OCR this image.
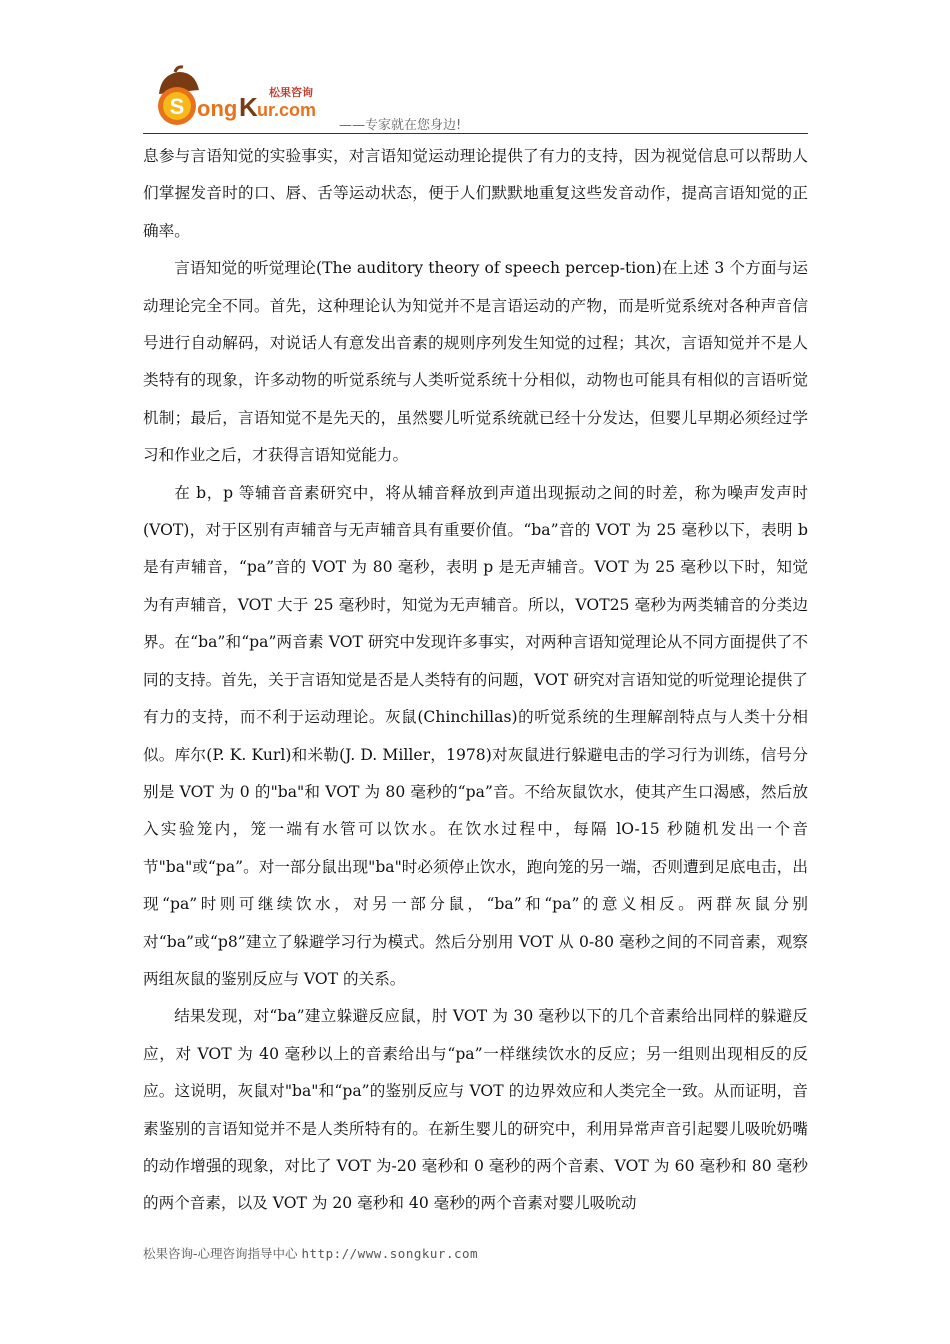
S ong K ur.com
松果咨询
——专家就在您身边!

息参与言语知觉的实验事实，对言语知觉运动理论提供了有力的支持，因为视觉信息可以帮助人们掌握发音时的口、唇、舌等运动状态，便于人们默默地重复这些发音动作，提高言语知觉的正确率。

言语知觉的听觉理论(The auditory theory of speech percep-tion)在上述 3 个方面与运动理论完全不同。首先，这种理论认为知觉并不是言语运动的产物，而是听觉系统对各种声音信号进行自动解码，对说话人有意发出音素的规则序列发生知觉的过程；其次，言语知觉并不是人类特有的现象，许多动物的听觉系统与人类听觉系统十分相似，动物也可能具有相似的言语听觉机制；最后，言语知觉不是先天的，虽然婴儿听觉系统就已经十分发达，但婴儿早期必须经过学习和作业之后，才获得言语知觉能力。

在 b，p 等辅音音素研究中，将从辅音释放到声道出现振动之间的时差，称为噪声发声时(VOT)，对于区别有声辅音与无声辅音具有重要价值。“ba”音的 VOT 为 25 毫秒以下，表明 b 是有声辅音，“pa”音的 VOT 为 80 毫秒，表明 p 是无声辅音。VOT 为 25 毫秒以下时，知觉为有声辅音，VOT 大于 25 毫秒时，知觉为无声辅音。所以，VOT25 毫秒为两类辅音的分类边界。在“ba”和“pa”两音素 VOT 研究中发现许多事实，对两种言语知觉理论从不同方面提供了不同的支持。首先，关于言语知觉是否是人类特有的问题，VOT 研究对言语知觉的听觉理论提供了有力的支持，而不利于运动理论。灰鼠(Chinchillas)的听觉系统的生理解剖特点与人类十分相似。库尔(P. K. Kurl)和米勒(J. D. Miller，1978)对灰鼠进行躲避电击的学习行为训练，信号分别是 VOT 为 0 的"ba"和 VOT 为 80 毫秒的“pa”音。不给灰鼠饮水，使其产生口渴感，然后放入实验笼内，笼一端有水管可以饮水。在饮水过程中，每隔 lO-15 秒随机发出一个音节"ba"或“pa”。对一部分鼠出现"ba"时必须停止饮水，跑向笼的另一端，否则遭到足底电击，出现“pa”时则可继续饮水，对另一部分鼠，“ba”和“pa”的意义相反。两群灰鼠分别对“ba”或“p8”建立了躲避学习行为模式。然后分别用 VOT 从 0-80 毫秒之间的不同音素，观察两组灰鼠的鉴别反应与 VOT 的关系。

结果发现，对“ba”建立躲避反应鼠，肘 VOT 为 30 毫秒以下的几个音素给出同样的躲避反应，对 VOT 为 40 毫秒以上的音素给出与“pa”一样继续饮水的反应；另一组则出现相反的反应。这说明，灰鼠对"ba"和“pa”的鉴别反应与 VOT 的边界效应和人类完全一致。从而证明，音素鉴别的言语知觉并不是人类所特有的。在新生婴儿的研究中，利用异常声音引起婴儿吸吮奶嘴的动作增强的现象，对比了 VOT 为-20 毫秒和 0 毫秒的两个音素、VOT 为 60 毫秒和 80 毫秒的两个音素，以及 VOT 为 20 毫秒和 40 毫秒的两个音素对婴儿吸吮动

松果咨询-心理咨询指导中心 http://www.songkur.com
